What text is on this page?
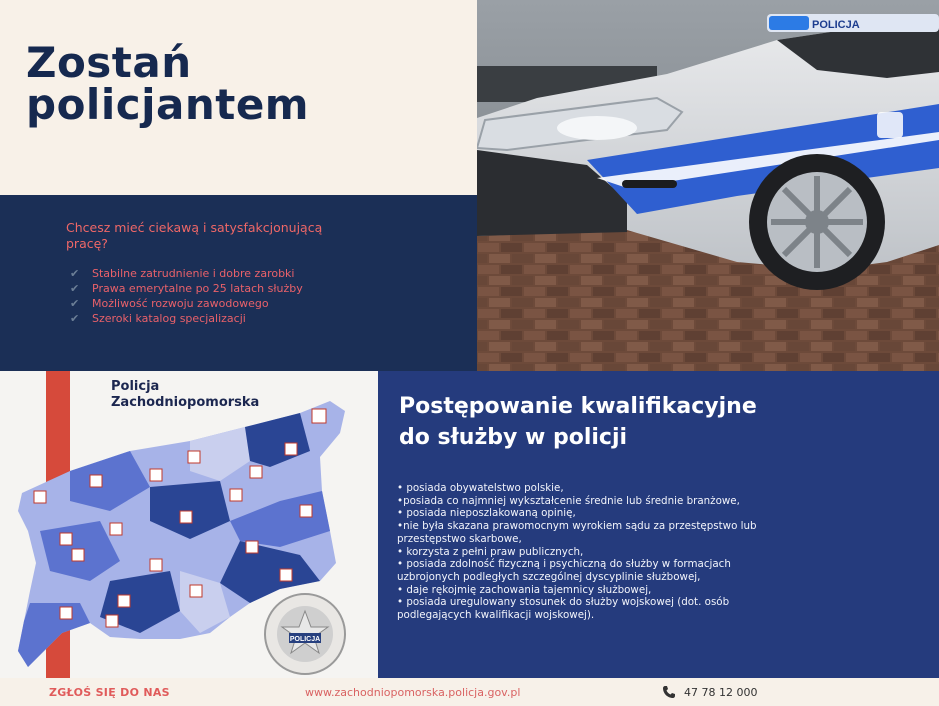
Zostań
policjantem

Chcesz mieć ciekawą i satysfakcjonującą pracę?

✔	Stabilne zatrudnienie i dobre zarobki
✔	Prawa emerytalne po 25 latach służby
✔	Możliwość rozwoju zawodowego
✔	Szeroki katalog specjalizacji
POLICJA
POLICJA

Policja
Zachodniopomorska	Postępowanie kwalifikacyjne
do służby w policji
• posiada obywatelstwo polskie,
•posiada co najmniej wykształcenie średnie lub średnie branżowe,
• posiada nieposzlakowaną opinię,
•nie była skazana prawomocnym wyrokiem sądu za przestępstwo lub
przestępstwo skarbowe,
• korzysta z pełni praw publicznych,
• posiada zdolność fizyczną i psychiczną do służby w formacjach
uzbrojonych podległych szczególnej dyscyplinie służbowej,
• daje rękojmię zachowania tajemnicy służbowej,
• posiada uregulowany stosunek do służby wojskowej (dot. osób
podlegających kwalifikacji wojskowej).
ZGŁOŚ SIĘ DO NAS	www.zachodniopomorska.policja.gov.pl	47 78 12 000
